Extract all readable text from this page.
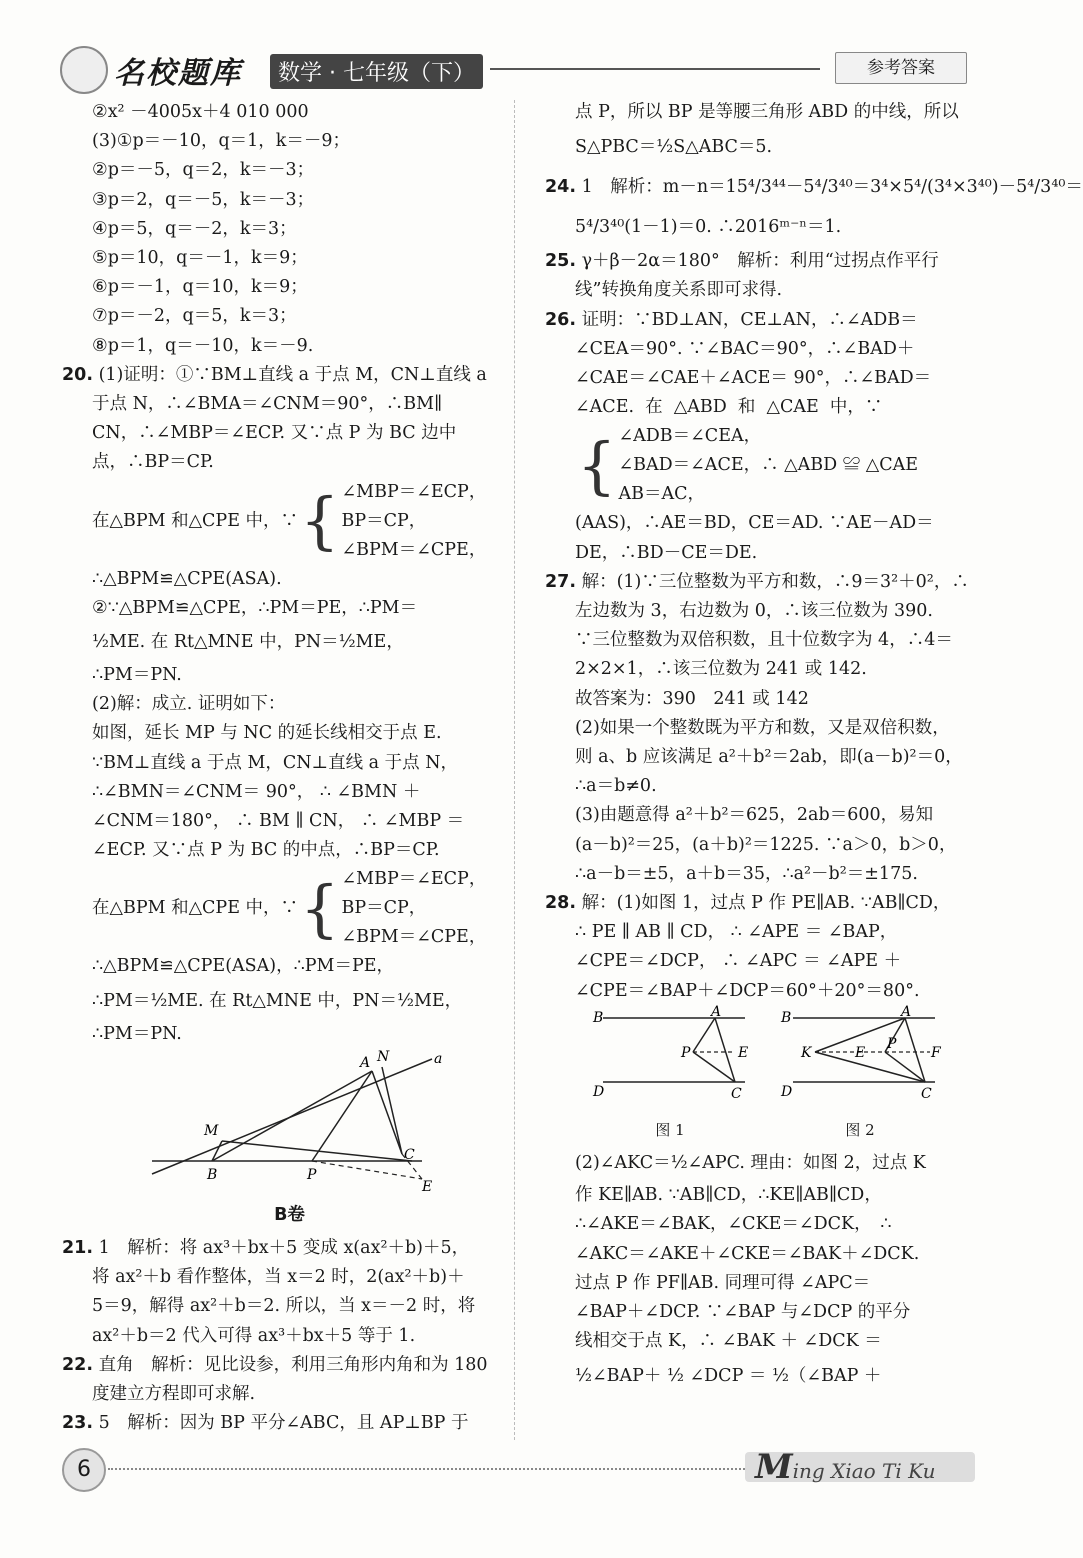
名校题库	数学 · 七年级（下）	参考答案
②x² －4005x＋4 010 000
(3)①p＝－10，q＝1，k＝－9；
②p＝－5，q＝2，k＝－3；
③p＝2，q＝－5，k＝－3；
④p＝5，q＝－2，k＝3；
⑤p＝10，q＝－1，k＝9；
⑥p＝－1，q＝10，k＝9；
⑦p＝－2，q＝5，k＝3；
⑧p＝1，q＝－10，k＝－9.
20. (1)证明：①∵BM⊥直线 a 于点 M，CN⊥直线 a
于点 N，∴∠BMA＝∠CNM＝90°，∴BM∥
CN，∴∠MBP＝∠ECP. 又∵点 P 为 BC 边中
点，∴BP＝CP.
在△BPM 和△CPE 中，∵ { ∠MBP＝∠ECP，
BP＝CP，
∠BPM＝∠CPE，
∴△BPM≌△CPE(ASA).
②∵△BPM≌△CPE，∴PM＝PE，∴PM＝
½ME. 在 Rt△MNE 中，PN＝½ME，
∴PM＝PN.
(2)解：成立. 证明如下：
如图，延长 MP 与 NC 的延长线相交于点 E.
∵BM⊥直线 a 于点 M，CN⊥直线 a 于点 N，
∴∠BMN＝∠CNM＝ 90°， ∴ ∠BMN ＋
∠CNM＝180°， ∴ BM ∥ CN， ∴ ∠MBP ＝
∠ECP. 又∵点 P 为 BC 的中点，∴BP＝CP.
在△BPM 和△CPE 中，∵ { ∠MBP＝∠ECP，
BP＝CP，
∠BPM＝∠CPE，
∴△BPM≌△CPE(ASA)，∴PM＝PE，
∴PM＝½ME. 在 Rt△MNE 中，PN＝½ME，
∴PM＝PN.
A N	a
M
B	P
C
E
B卷
21. 1　解析：将 ax³＋bx＋5 变成 x(ax²＋b)＋5，
将 ax²＋b 看作整体，当 x＝2 时，2(ax²＋b)＋
5＝9，解得 ax²＋b＝2. 所以，当 x＝－2 时，将
ax²＋b＝2 代入可得 ax³＋bx＋5 等于 1.
22. 直角　解析：见比设参，利用三角形内角和为 180
度建立方程即可求解.
23. 5　解析：因为 BP 平分∠ABC，且 AP⊥BP 于
点 P，所以 BP 是等腰三角形 ABD 的中线，所以
S△PBC＝½S△ABC＝5.
24. 1　解析：m－n＝15⁴/3⁴⁴－5⁴/3⁴⁰＝3⁴×5⁴/(3⁴×3⁴⁰)－5⁴/3⁴⁰＝
5⁴/3⁴⁰(1－1)＝0. ∴2016ᵐ⁻ⁿ＝1.
25. γ＋β－2α＝180°　解析：利用“过拐点作平行
线”转换角度关系即可求得.
26. 证明：∵BD⊥AN，CE⊥AN，∴∠ADB＝
∠CEA＝90°. ∵∠BAC＝90°，∴∠BAD＋
∠CAE＝∠CAE＋∠ACE＝ 90°，∴∠BAD＝
∠ACE.  在  △ABD  和  △CAE  中，∵
{ ∠ADB＝∠CEA，
∠BAD＝∠ACE，∴ △ABD ≌ △CAE
AB＝AC，
(AAS)，∴AE＝BD，CE＝AD. ∵AE－AD＝
DE，∴BD－CE＝DE.
27. 解：(1)∵三位整数为平方和数，∴9＝3²＋0²，∴
左边数为 3，右边数为 0，∴该三位数为 390.
∵三位整数为双倍积数，且十位数字为 4，∴4＝
2×2×1，∴该三位数为 241 或 142.
故答案为：390　241 或 142
(2)如果一个整数既为平方和数，又是双倍积数，
则 a、b 应该满足 a²＋b²＝2ab，即(a－b)²＝0，
∴a＝b≠0.
(3)由题意得 a²＋b²＝625，2ab＝600，易知
(a－b)²＝25，(a＋b)²＝1225. ∵a＞0，b＞0，
∴a－b＝±5，a＋b＝35，∴a²－b²＝±175.
28. 解：(1)如图 1，过点 P 作 PE∥AB. ∵AB∥CD，
∴ PE ∥ AB ∥ CD， ∴ ∠APE ＝ ∠BAP，
∠CPE＝∠DCP， ∴ ∠APC ＝ ∠APE ＋
∠CPE＝∠BAP＋∠DCP＝60°＋20°＝80°.
B	A
P	E
D	C
图 1
B	A
K	E
P
F
D	C
图 2
(2)∠AKC＝½∠APC. 理由：如图 2，过点 K
作 KE∥AB. ∵AB∥CD，∴KE∥AB∥CD，
∴∠AKE＝∠BAK，∠CKE＝∠DCK，　∴
∠AKC＝∠AKE＋∠CKE＝∠BAK＋∠DCK.
过点 P 作 PF∥AB. 同理可得 ∠APC＝
∠BAP＋∠DCP. ∵∠BAP 与∠DCP 的平分
线相交于点 K，∴ ∠BAK ＋ ∠DCK ＝
½∠BAP＋ ½ ∠DCP ＝ ½（∠BAP ＋
6	Ming Xiao Ti Ku
